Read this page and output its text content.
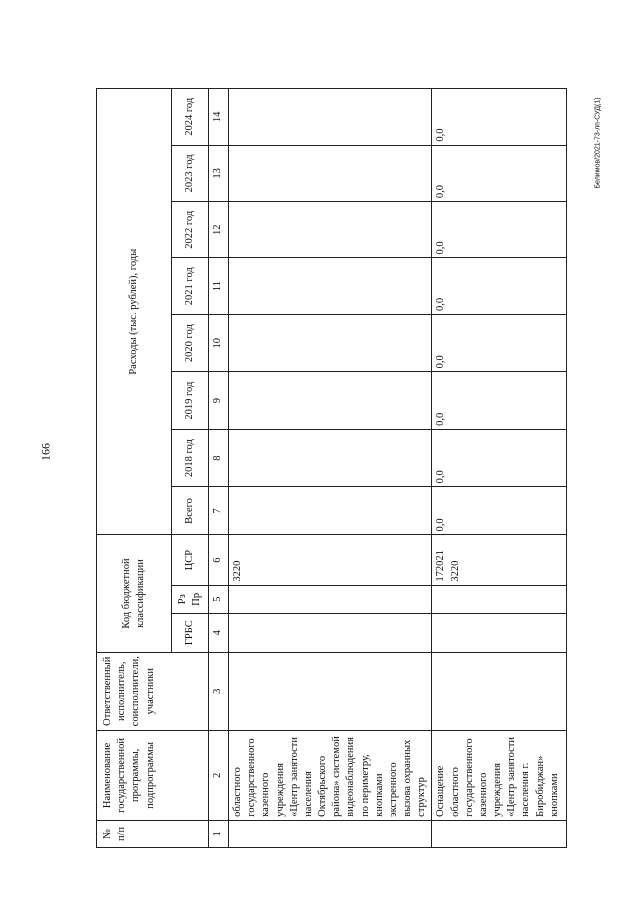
166
Белимов/2021-73-лп-СУД(1)
№ п/п	Наименование государственной программы, подпрограммы	Ответственный исполнитель, соисполнители, участники	Код бюджетной классификации			Расходы (тыс. рублей), годы							
			ГРБС	Рз Пр	ЦСР	Всего	2018 год	2019 год	2020 год	2021 год	2022 год	2023 год	2024 год
1	2	3	4	5	6	7	8	9	10	11	12	13	14
	областного государственного казенного учреждения «Центр занятости населения Октябрьского района» системой видеонаблюдения по периметру, кнопками экстренного вызова охранных структур				3220								
	Оснащение областного государственного казенного учреждения «Центр занятости населения г. Биробиджан» кнопками				172021 3220	0,0	0,0	0,0	0,0	0,0	0,0	0,0	0,0
